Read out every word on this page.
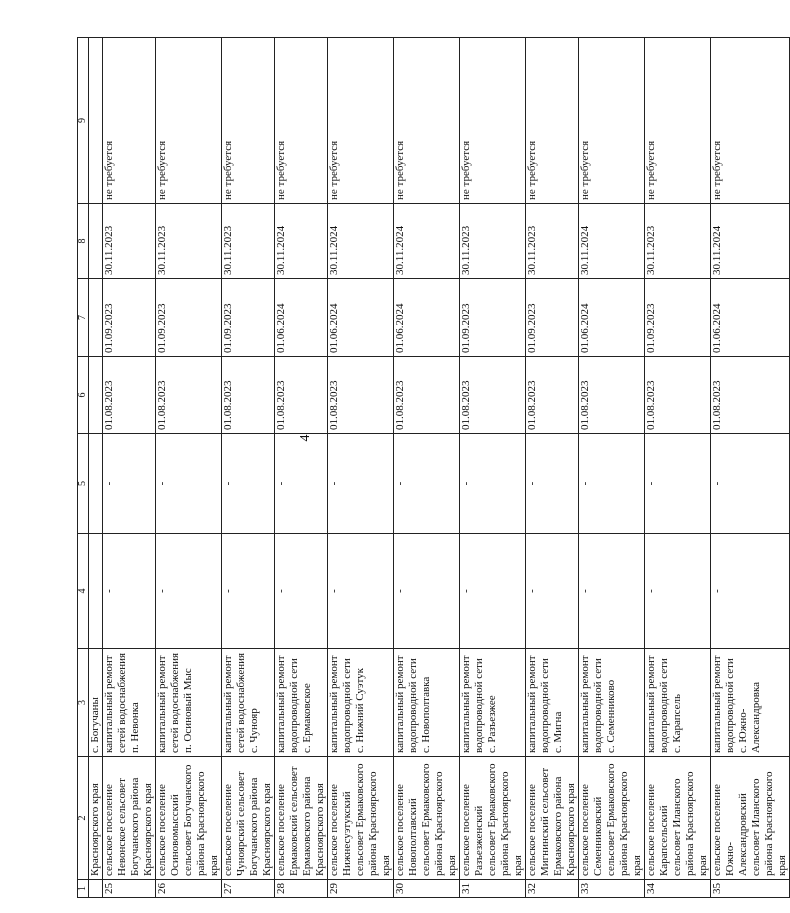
4
1	2	3	4	5	6	7	8	9
	Красноярского края	с. Богучаны						
25	сельское поселение Невонское сельсовет Богучанского района Красноярского края	капитальный ремонт сетей водоснабжения п. Невонка	-	-	01.08.2023	01.09.2023	30.11.2023	не требуется
26	сельское поселение Осиновомысский сельсовет Богучанского района Красноярского края	капитальный ремонт сетей водоснабжения п. Осиновый Мыс	-	-	01.08.2023	01.09.2023	30.11.2023	не требуется
27	сельское поселение Чуноярский сельсовет Богучанского района Красноярского края	капитальный ремонт сетей водоснабжения с. Чунояр	-	-	01.08.2023	01.09.2023	30.11.2023	не требуется
28	сельское поселение Ермаковский сельсовет Ермаковского района Красноярского края	капитальный ремонт водопроводной сети с. Ермаковское	-	-	01.08.2023	01.06.2024	30.11.2024	не требуется
29	сельское поселение Нижнесуэтукский сельсовет Ермаковского района Красноярского края	капитальный ремонт водопроводной сети с. Нижний Суэтук	-	-	01.08.2023	01.06.2024	30.11.2024	не требуется
30	сельское поселение Новополтавский сельсовет Ермаковского района Красноярского края	капитальный ремонт водопроводной сети с. Новополтавка	-	-	01.08.2023	01.06.2024	30.11.2024	не требуется
31	сельское поселение Разъезженский сельсовет Ермаковского района Красноярского края	капитальный ремонт водопроводной сети с. Разъезжее	-	-	01.08.2023	01.09.2023	30.11.2023	не требуется
32	сельское поселение Мигнинский сельсовет Ермаковского района Красноярского края	капитальный ремонт водопроводной сети с. Мигна	-	-	01.08.2023	01.09.2023	30.11.2023	не требуется
33	сельское поселение Семенниковский сельсовет Ермаковского района Красноярского края	капитальный ремонт водопроводной сети с. Семенниково	-	-	01.08.2023	01.06.2024	30.11.2024	не требуется
34	сельское поселение Карапсельский сельсовет Иланского района Красноярского края	капитальный ремонт водопроводной сети с. Карапсель	-	-	01.08.2023	01.09.2023	30.11.2023	не требуется
35	сельское поселение Южно-Александровский сельсовет Иланского района Красноярского края	капитальный ремонт водопроводной сети с. Южно-Александровка	-	-	01.08.2023	01.06.2024	30.11.2024	не требуется
